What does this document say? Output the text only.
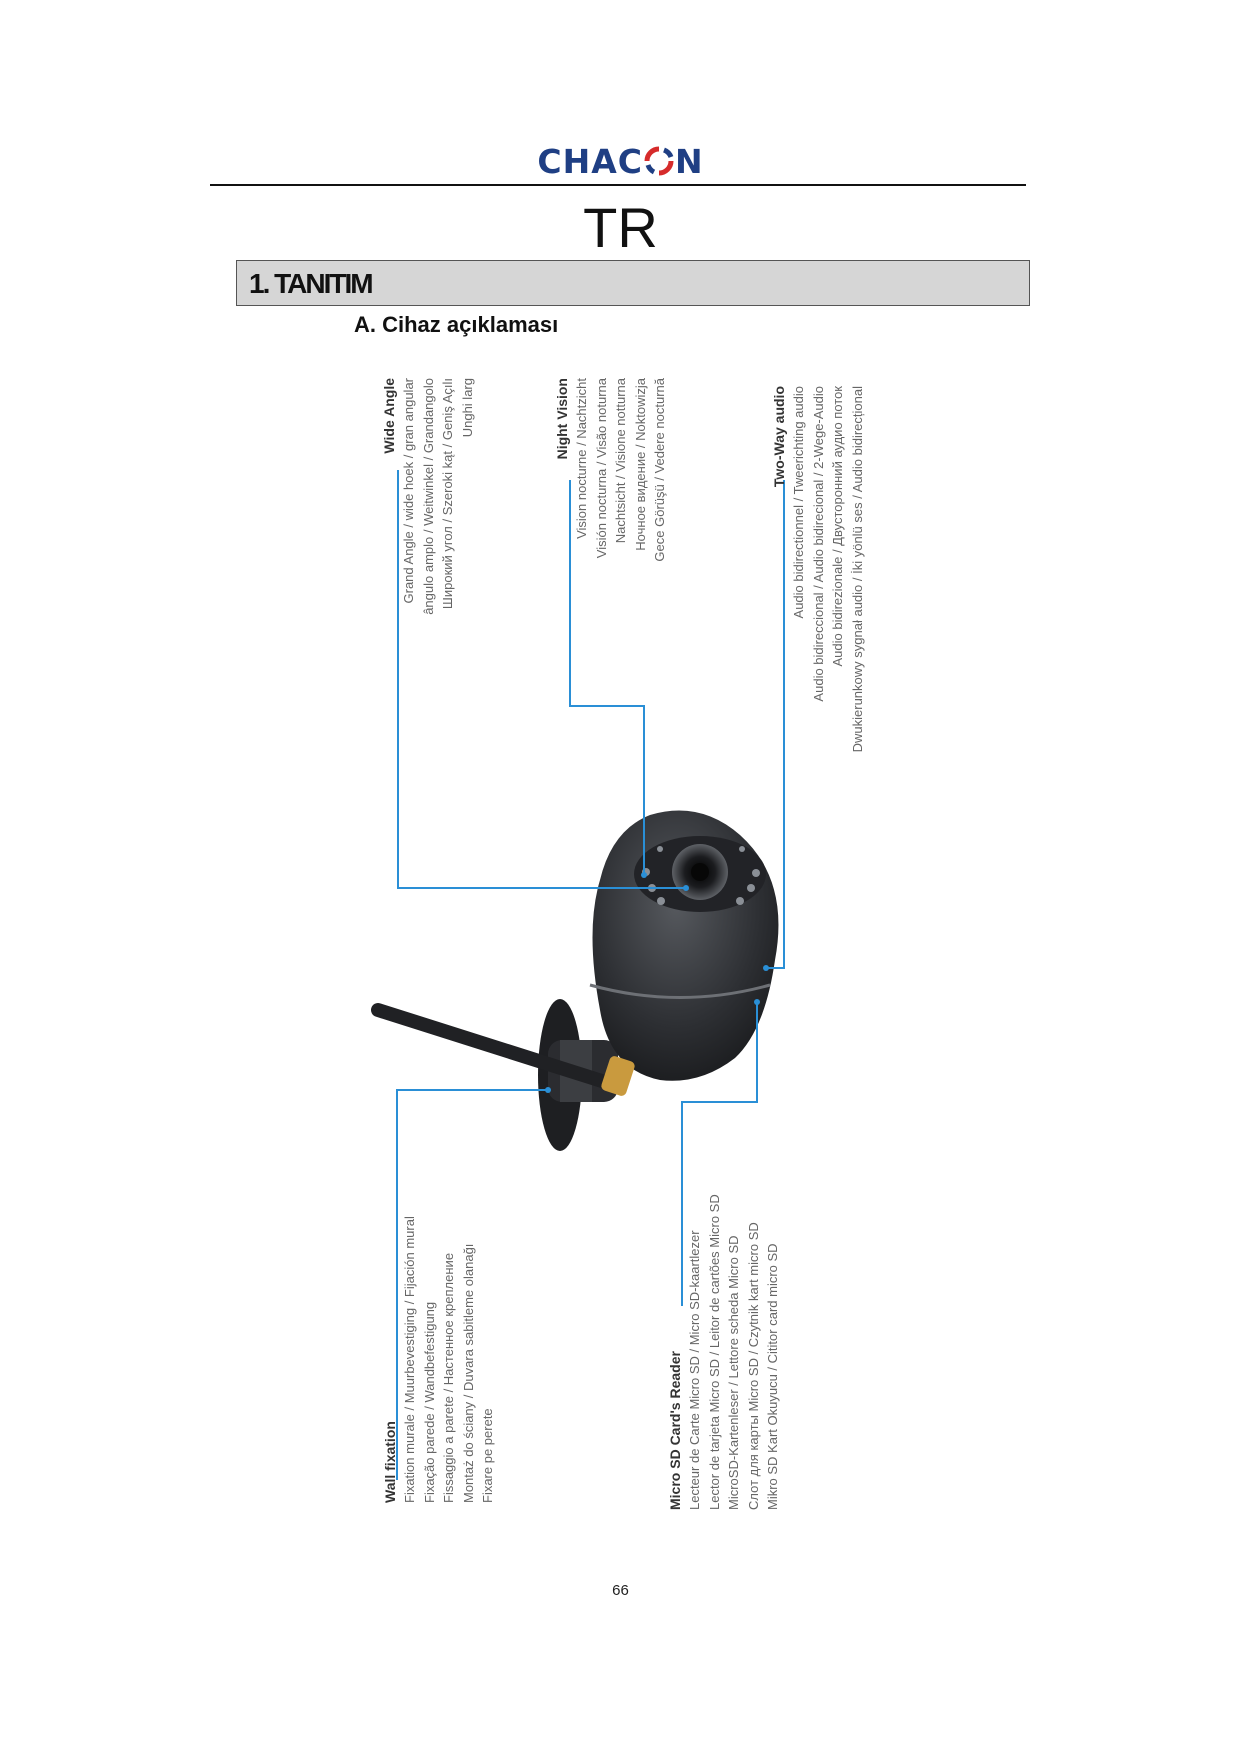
CHAC N
TR
1. TANITIM
A. Cihaz açıklaması
Wide Angle Grand Angle / wide hoek / gran angular ângulo amplo / Weitwinkel / Grandangolo Широкий угол / Szeroki kąt / Geniş Açılı Unghi larg	Night Vision Vision nocturne / Nachtzicht Visión nocturna / Visão noturna Nachtsicht / Visione notturna Ночное видение / Noktowizja Gece Görüşü / Vedere nocturnă	Two-Way audio Audio bidirectionnel / Tweerichting audio Audio bidireccional / Audio bidirecional / 2-Wege-Audio Audio bidirezionale / Двусторонний аудио поток Dwukierunkowy sygnał audio / İki yönlü ses / Audio bidirecțional
Wall fixation Fixation murale / Muurbevestiging / Fijación mural Fixação parede / Wandbefestigung Fissaggio a parete / Настенное крепление Montaż do ściany / Duvara sabitleme olanağı Fixare pe perete	Micro SD Card's Reader Lecteur de Carte Micro SD / Micro SD-kaartlezer Lector de tarjeta Micro SD / Leitor de cartões Micro SD MicroSD-Kartenleser / Lettore scheda Micro SD Слот для карты Micro SD / Czytnik kart micro SD Mikro SD Kart Okuyucu / Cititor card micro SD
66
